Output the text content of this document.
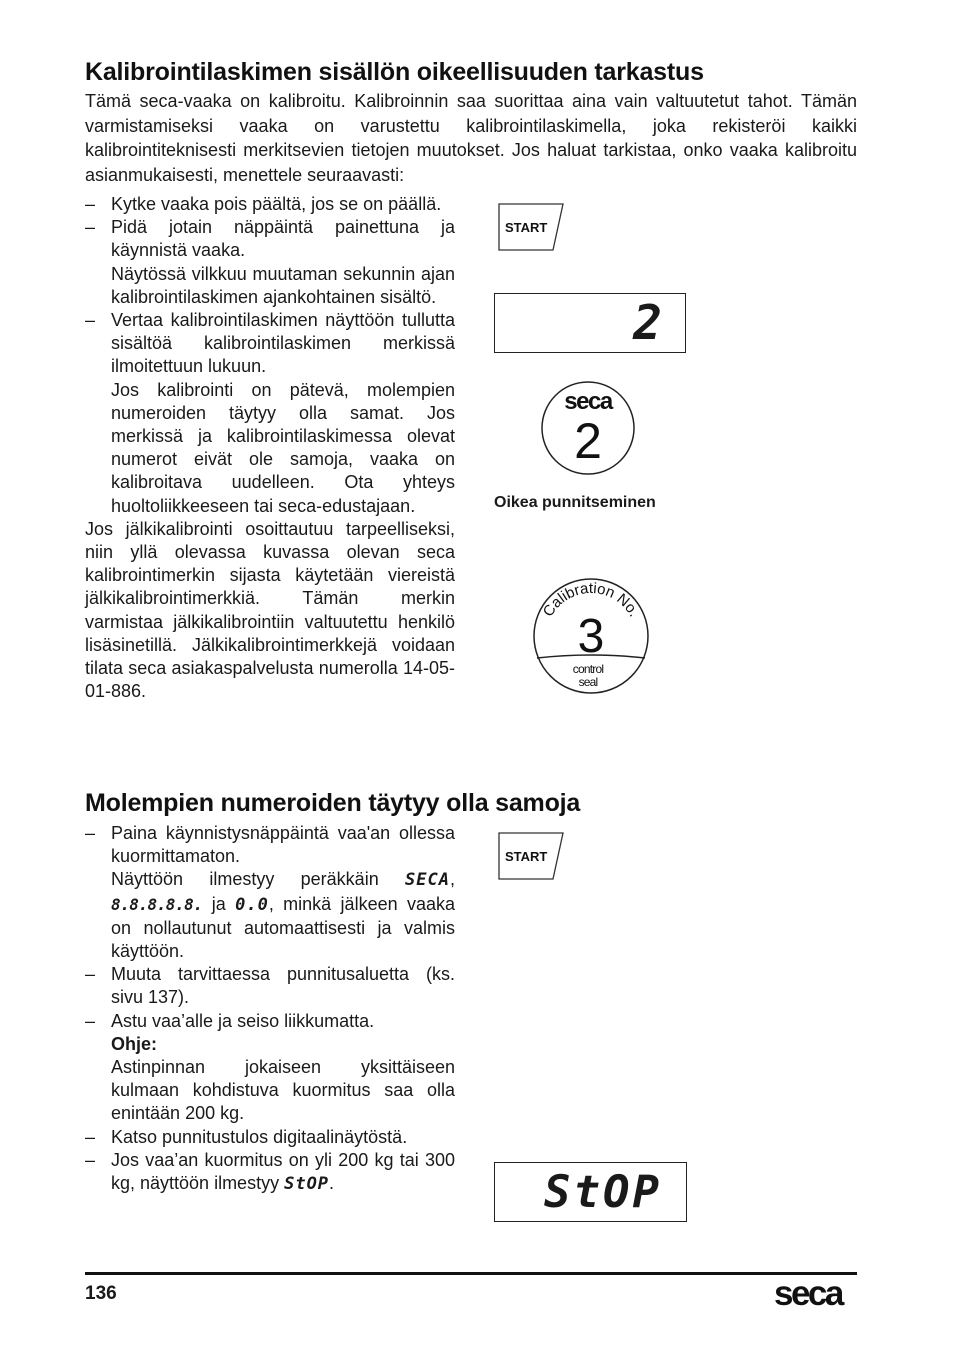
Kalibrointilaskimen sisällön oikeellisuuden tarkastus
Tämä seca-vaaka on kalibroitu. Kalibroinnin saa suorittaa aina vain valtuutetut tahot. Tämän varmistamiseksi vaaka on varustettu kalibrointilaskimella, joka rekisteröi kaikki kalibrointiteknisesti merkitsevien tietojen muutokset. Jos haluat tarkistaa, onko vaaka kalibroitu asianmukaisesti, menettele seuraavasti:
– Kytke vaaka pois päältä, jos se on päällä.
– Pidä jotain näppäintä painettuna ja käynnistä vaaka.
Näytössä vilkkuu muutaman sekunnin ajan kalibrointilaskimen ajankohtainen sisältö.
– Vertaa kalibrointilaskimen näyttöön tullutta sisältöä kalibrointilaskimen merkissä ilmoitettuun lukuun.
Jos kalibrointi on pätevä, molempien numeroiden täytyy olla samat. Jos merkissä ja kalibrointilaskimessa olevat numerot eivät ole samoja, vaaka on kalibroitava uudelleen. Ota yhteys huoltoliikkeeseen tai seca-edustajaan.
Jos jälkikalibrointi osoittautuu tarpeelliseksi, niin yllä olevassa kuvassa olevan seca kalibrointimerkin sijasta käytetään viereistä jälkikalibrointimerkkiä. Tämän merkin varmistaa jälkikalibrointiin valtuutettu henkilö lisäsinetillä. Jälkikalibrointimerkkejä voidaan tilata seca asiakaspalvelusta numerolla 14-05-01-886.
START
2
seca
2
Oikea punnitseminen
Calibration No.
3
control
seal
Molempien numeroiden täytyy olla samoja
– Paina käynnistysnäppäintä vaa'an ollessa kuormittamaton.
Näyttöön ilmestyy peräkkäin SECA, 8.8.8.8.8. ja 0.0, minkä jälkeen vaaka on nollautunut automaattisesti ja valmis käyttöön.
– Muuta tarvittaessa punnitusaluetta (ks. sivu 137).
– Astu vaa’alle ja seiso liikkumatta.
Ohje:
Astinpinnan jokaiseen yksittäiseen kulmaan kohdistuva kuormitus saa olla enintään 200 kg.
– Katso punnitustulos digitaalinäytöstä.
– Jos vaa’an kuormitus on yli 200 kg tai 300 kg, näyttöön ilmestyy StOP.
START
StOP
136	seca
